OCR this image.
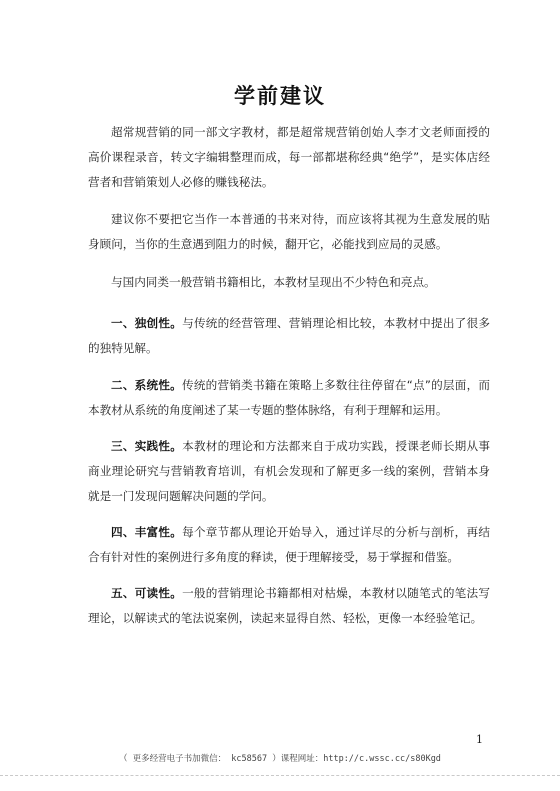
学前建议

超常规营销的同一部文字教材，都是超常规营销创始人李才文老师面授的高价课程录音，转文字编辑整理而成，每一部都堪称经典“绝学”，是实体店经营者和营销策划人必修的赚钱秘法。

建议你不要把它当作一本普通的书来对待，而应该将其视为生意发展的贴身顾问，当你的生意遇到阻力的时候，翻开它，必能找到应局的灵感。

与国内同类一般营销书籍相比，本教材呈现出不少特色和亮点。

一、独创性。与传统的经营管理、营销理论相比较，本教材中提出了很多的独特见解。

二、系统性。传统的营销类书籍在策略上多数往往停留在“点”的层面，而本教材从系统的角度阐述了某一专题的整体脉络，有利于理解和运用。

三、实践性。本教材的理论和方法都来自于成功实践，授课老师长期从事商业理论研究与营销教育培训，有机会发现和了解更多一线的案例，营销本身就是一门发现问题解决问题的学问。

四、丰富性。每个章节都从理论开始导入，通过详尽的分析与剖析，再结合有针对性的案例进行多角度的释读，便于理解接受，易于掌握和借鉴。

五、可读性。一般的营销理论书籍都相对枯燥，本教材以随笔式的笔法写理论，以解读式的笔法说案例，读起来显得自然、轻松，更像一本经验笔记。

1
（ 更多经营电子书加微信： kc58567 ）课程网址：http://c.wssc.cc/s80Kgd
